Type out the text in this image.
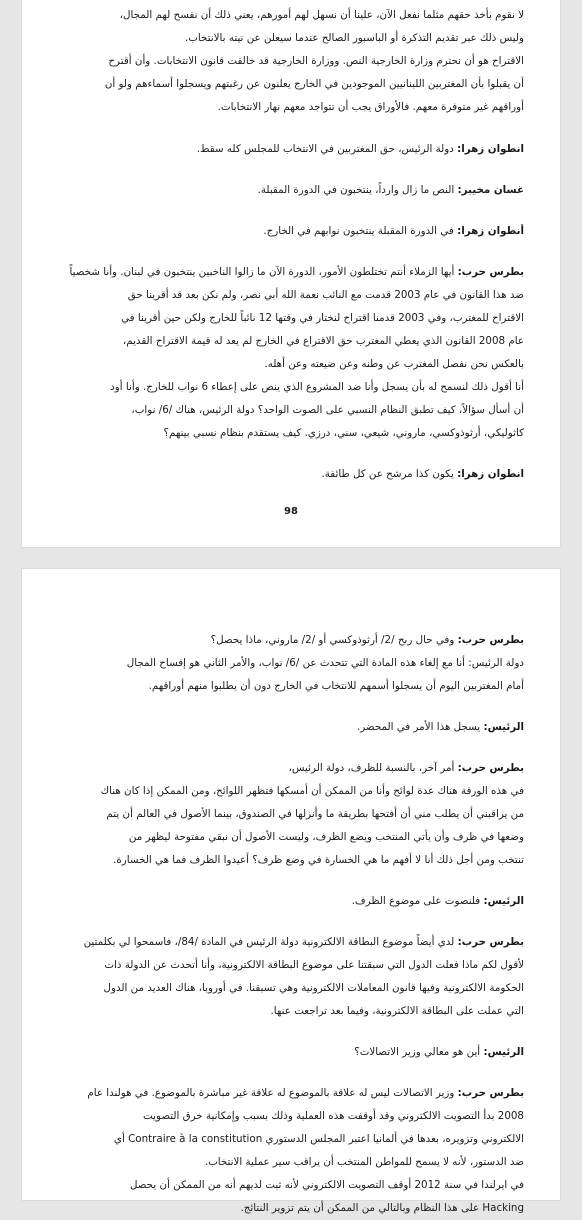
لا نقوم بأخذ حقهم مثلما نفعل الآن، علينا أن نسهل لهم أمورهم، يعني ذلك أن نفسح لهم المجال،
وليس ذلك عبر تقديم التذكرة أو الباسبور الصالح عندما سيعلن عن نيته بالانتخاب.
الاقتراح هو أن نحترم وزارة الخارجية النص. ووزارة الخارجية قد خالفت قانون الانتخابات. وأن أقترح
أن يقبلوا بأن المغتربين اللبنانيين الموجودين في الخارج يعلنون عن رغبتهم ويسجلوا أسماءهم ولو أن
أوراقهم غير متوفرة معهم. فالأوراق يجب أن تتواجد معهم نهار الانتخابات.

انطوان زهرا: دولة الرئيس، حق المغتربين في الانتخاب للمجلس كله سقط.

غسان مخيبر: النص ما زال وارداً، ينتخبون في الدورة المقبلة.

أنطوان زهرا: في الدورة المقبلة ينتخبون نوابهم في الخارج.

بطرس حرب: أيها الزملاء أنتم تختلطون الأمور، الدورة الآن ما زالوا الناخبين ينتخبون في لبنان. وأنا شخصياً
ضد هذا القانون في عام 2003 قدمت مع النائب نعمة الله أبي نصر، ولم نكن بعد قد أقرينا حق
الاقتراح للمغترب، وفي 2003 قدمنا اقتراح لنختار في وقتها 12 نائباً للخارج ولكن حين أقرينا في
عام 2008 القانون الذي يعطي المغترب حق الاقتراع في الخارج لم يعد له قيمة الاقتراح القديم،
بالعكس نحن نفصل المغترب عن وطنه وعن ضيعته وعن أهله.
أنا أقول ذلك لنسمح له بأن يسجل وأنا ضد المشروع الذي ينص على إعطاء 6 نواب للخارج. وأنا أود
أن أسأل سؤالاً، كيف تطبق النظام النسبي على الصوت الواحد؟ دولة الرئيس، هناك /6/ نواب،
كاثوليكي، أرثوذوكسي، ماروني، شيعي، سني، درزي. كيف يستقدم بنظام نسبي بينهم؟

انطوان زهرا: يكون كذا مرشح عن كل طائفة.

98

بطرس حرب: وفي حال ربح /2/ أرثوذوكسي أو /2/ ماروني، ماذا يحصل؟
دولة الرئيس: أنا مع إلغاء هذه المادة التي تتحدث عن /6/ نواب، والأمر الثاني هو إفساح المجال
أمام المغتربين اليوم أن يسجلوا أسمهم للانتخاب في الخارج دون أن يطلبوا منهم أوراقهم.

الرئيس: يسجل هذا الأمر في المحضر.

بطرس حرب: أمر آخر، بالنسبة للظرف، دولة الرئيس،
في هذه الورقة هناك عدة لوائح وأنا من الممكن أن أمسكها فتظهر اللوائح، ومن الممكن إذا كان هناك
من يراقبني أن يطلب مني أن أفتحها بطريقة ما وأنزلها في الصندوق، بينما الأصول في العالم أن يتم
وضعها في ظرف وأن يأتي المنتخب ويضع الظرف، وليست الأصول أن نبقي مفتوحة ليظهر من
تنتخب ومن أجل ذلك أنا لا أفهم ما هي الخسارة في وضع ظرف؟ أعيدوا الظرف فما هي الخسارة.

الرئيس: فلنصوت على موضوع الظرف.

بطرس حرب: لدي أيضاً موضوع البطاقة الالكترونية دولة الرئيس في المادة /84/، فاسمحوا لي بكلمتين
لأقول لكم ماذا فعلت الدول التي سبقتنا على موضوع البطاقة الالكترونية، وأنا أتحدث عن الدولة ذات
الحكومة الالكترونية وفيها قانون المعاملات الالكترونية وهي تسبقنا. في أوروبا، هناك العديد من الدول
التي عملت على البطاقة الالكترونية، وفيما بعد تراجعت عنها.

الرئيس: أين هو معالي وزير الاتصالات؟

بطرس حرب: وزير الاتصالات ليس له علاقة بالموضوع له علاقة غير مباشرة بالموضوع. في هولندا عام
2008 بدأ التصويت الالكتروني وقد أوقفت هذه العملية وذلك بسبب وإمكانية خرق التصويت
الالكتروني وتزويره، بعدها في ألمانيا اعتبر المجلس الدستوري Contraire à la constitution أي
ضد الدستور، لأنه لا يسمح للمواطن المنتخب أن يراقب سير عملية الانتخاب.
في ايرلندا في سنة 2012 أوقف التصويت الالكتروني لأنه ثبت لديهم أنه من الممكن أن يحصل
Hacking على هذا النظام وبالتالي من الممكن أن يتم تزوير النتائج.
